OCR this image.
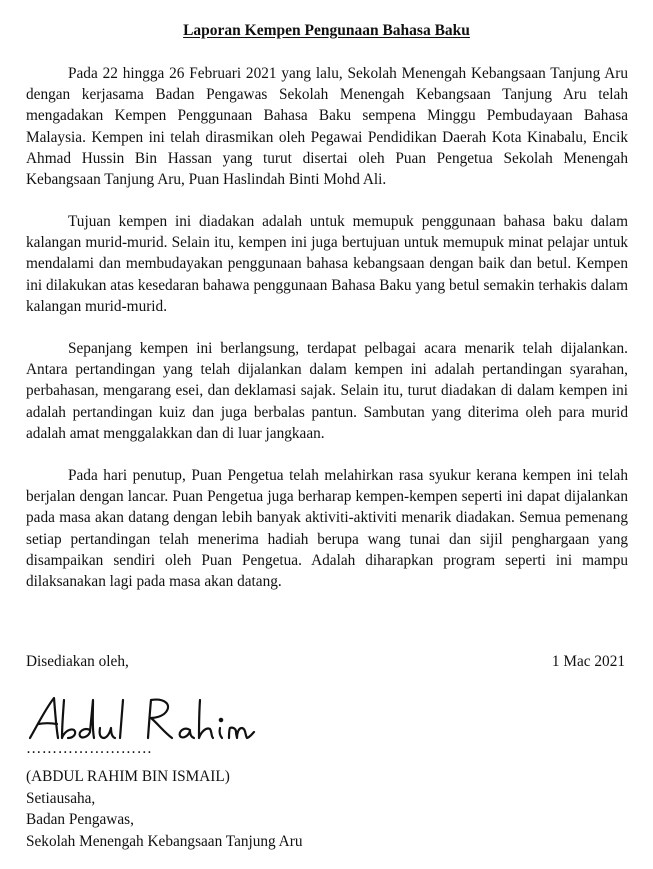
Laporan Kempen Pengunaan Bahasa Baku

Pada 22 hingga 26 Februari 2021 yang lalu, Sekolah Menengah Kebangsaan Tanjung Aru dengan kerjasama Badan Pengawas Sekolah Menengah Kebangsaan Tanjung Aru telah mengadakan Kempen Penggunaan Bahasa Baku sempena Minggu Pembudayaan Bahasa Malaysia. Kempen ini telah dirasmikan oleh Pegawai Pendidikan Daerah Kota Kinabalu, Encik Ahmad Hussin Bin Hassan yang turut disertai oleh Puan Pengetua Sekolah Menengah Kebangsaan Tanjung Aru, Puan Haslindah Binti Mohd Ali.

Tujuan kempen ini diadakan adalah untuk memupuk penggunaan bahasa baku dalam kalangan murid-murid. Selain itu, kempen ini juga bertujuan untuk memupuk minat pelajar untuk mendalami dan membudayakan penggunaan bahasa kebangsaan dengan baik dan betul. Kempen ini dilakukan atas kesedaran bahawa penggunaan Bahasa Baku yang betul semakin terhakis dalam kalangan murid-murid.

Sepanjang kempen ini berlangsung, terdapat pelbagai acara menarik telah dijalankan. Antara pertandingan yang telah dijalankan dalam kempen ini adalah pertandingan syarahan, perbahasan, mengarang esei, dan deklamasi sajak. Selain itu, turut diadakan di dalam kempen ini adalah pertandingan kuiz dan juga berbalas pantun. Sambutan yang diterima oleh para murid adalah amat menggalakkan dan di luar jangkaan.

Pada hari penutup, Puan Pengetua telah melahirkan rasa syukur kerana kempen ini telah berjalan dengan lancar. Puan Pengetua juga berharap kempen-kempen seperti ini dapat dijalankan pada masa akan datang dengan lebih banyak aktiviti-aktiviti menarik diadakan. Semua pemenang setiap pertandingan telah menerima hadiah berupa wang tunai dan sijil penghargaan yang disampaikan sendiri oleh Puan Pengetua. Adalah diharapkan program seperti ini mampu dilaksanakan lagi pada masa akan datang.

Disediakan oleh,	1 Mac 2021

……………………

(ABDUL RAHIM BIN ISMAIL)
Setiausaha,
Badan Pengawas,
Sekolah Menengah Kebangsaan Tanjung Aru
